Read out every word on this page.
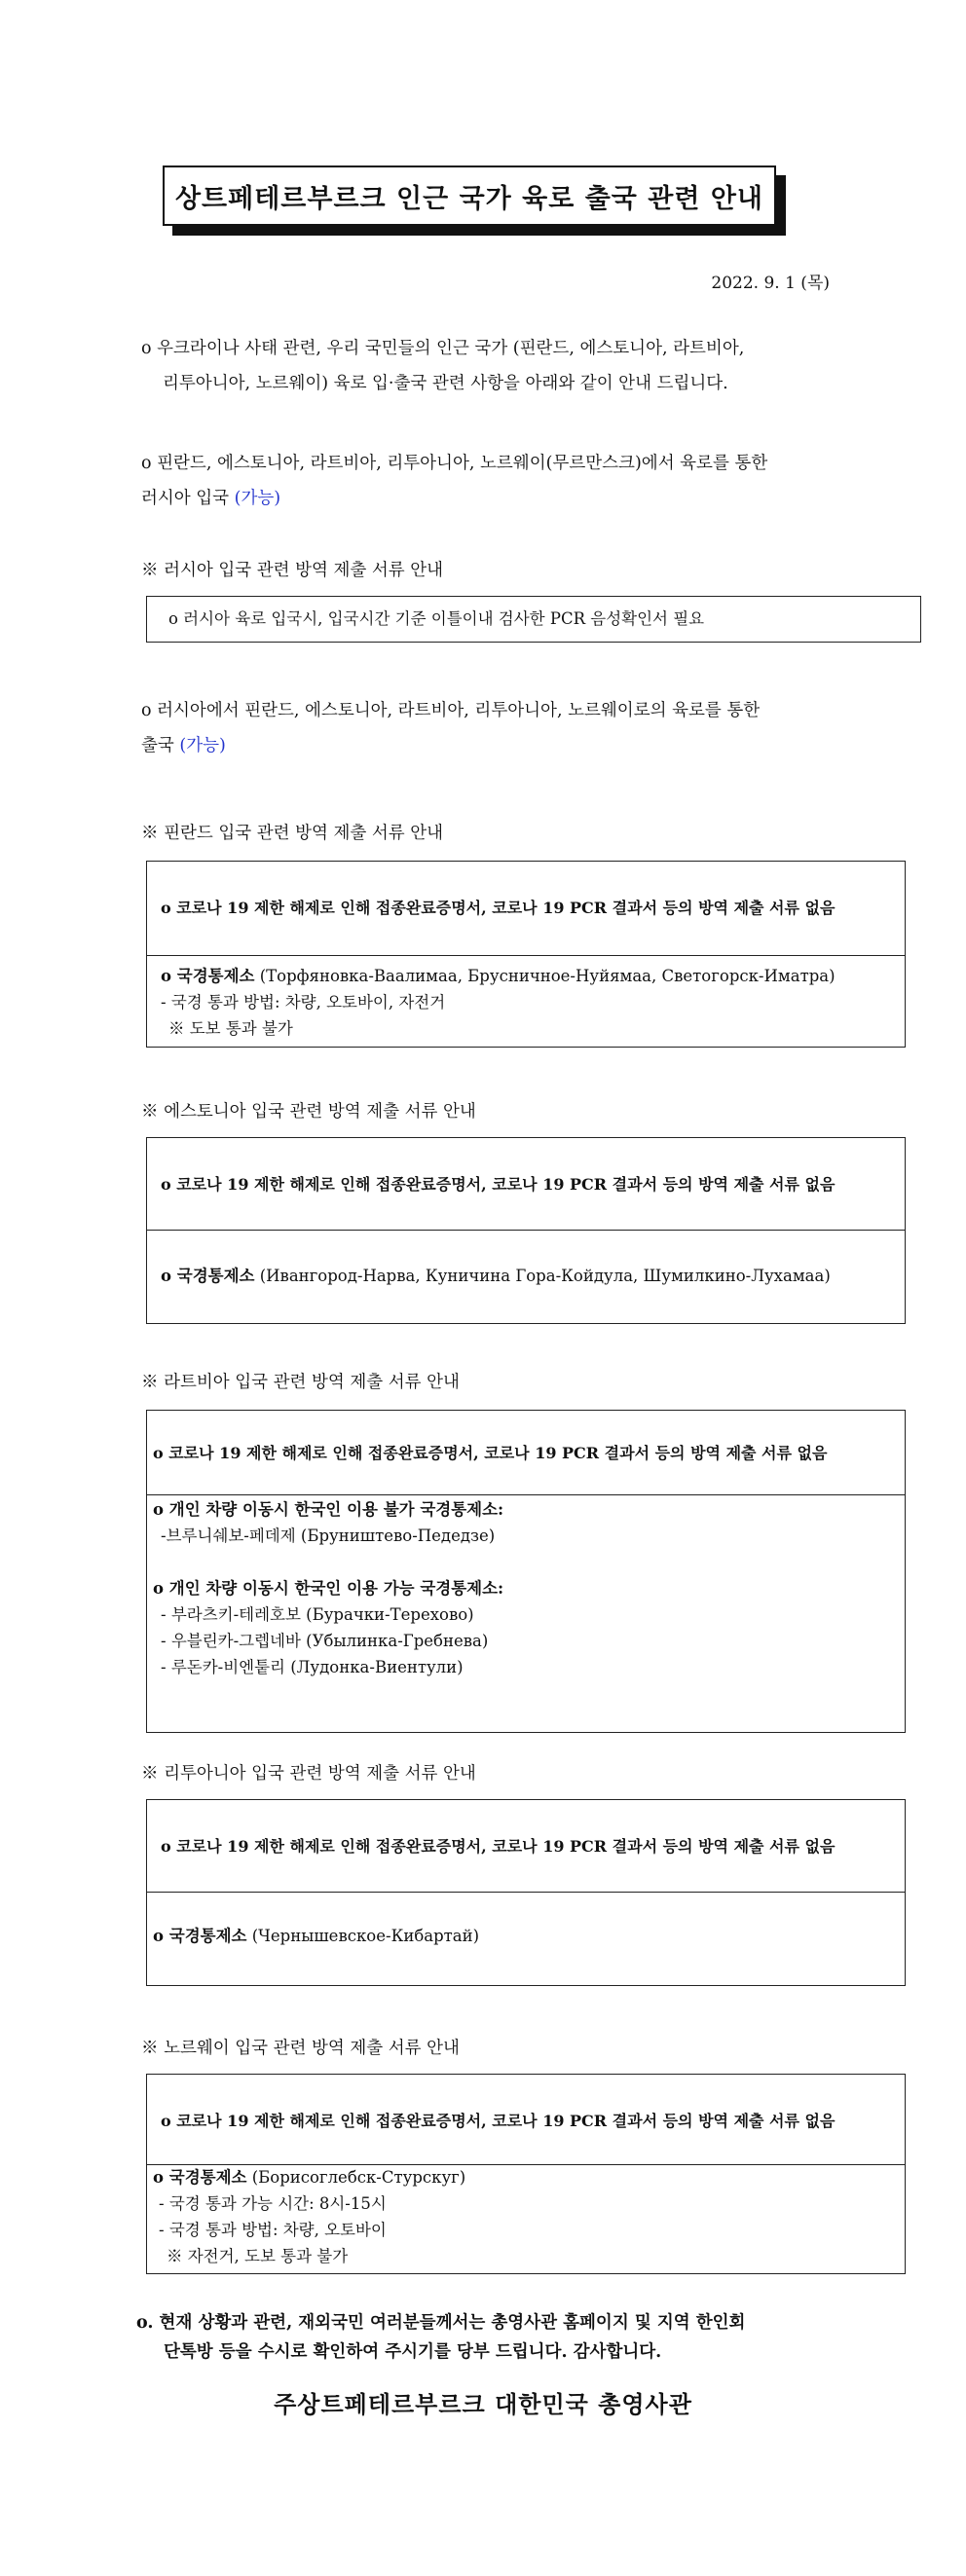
상트페테르부르크 인근 국가 육로 출국 관련 안내
2022. 9. 1 (목)
o 우크라이나 사태 관련, 우리 국민들의 인근 국가 (핀란드, 에스토니아, 라트비아,
리투아니아, 노르웨이) 육로 입·출국 관련 사항을 아래와 같이 안내 드립니다.
o 핀란드, 에스토니아, 라트비아, 리투아니아, 노르웨이(무르만스크)에서 육로를 통한
러시아 입국 (가능)
※ 러시아 입국 관련 방역 제출 서류 안내
o 러시아 육로 입국시, 입국시간 기준 이틀이내 검사한 PCR 음성확인서 필요
o 러시아에서 핀란드, 에스토니아, 라트비아, 리투아니아, 노르웨이로의 육로를 통한
출국 (가능)
※ 핀란드 입국 관련 방역 제출 서류 안내
o 코로나 19 제한 해제로 인해 접종완료증명서, 코로나 19 PCR 결과서 등의 방역 제출 서류 없음
o 국경통제소 (Торфяновка-Ваалимаа, Брусничное-Нуйямаа, Светогорск-Иматра)
- 국경 통과 방법: 차량, 오토바이, 자전거
※ 도보 통과 불가
※ 에스토니아 입국 관련 방역 제출 서류 안내
o 코로나 19 제한 해제로 인해 접종완료증명서, 코로나 19 PCR 결과서 등의 방역 제출 서류 없음
o 국경통제소 (Ивангород-Нарва, Куничина Гора-Койдула, Шумилкино-Лухамаа)
※ 라트비아 입국 관련 방역 제출 서류 안내
o 코로나 19 제한 해제로 인해 접종완료증명서, 코로나 19 PCR 결과서 등의 방역 제출 서류 없음
o 개인 차량 이동시 한국인 이용 불가 국경통제소:
-브루니쉐보-페데제 (Бруништево-Педедзе)

o 개인 차량 이동시 한국인 이용 가능 국경통제소:
- 부라츠키-테레호보 (Бурачки-Терехово)
- 우블린카-그렙네바 (Убылинка-Гребнева)
- 루돈카-비엔퉅리 (Лудонка-Виентули)
※ 리투아니아 입국 관련 방역 제출 서류 안내
o 코로나 19 제한 해제로 인해 접종완료증명서, 코로나 19 PCR 결과서 등의 방역 제출 서류 없음
o 국경통제소 (Чернышевское-Кибартай)
※ 노르웨이 입국 관련 방역 제출 서류 안내
o 코로나 19 제한 해제로 인해 접종완료증명서, 코로나 19 PCR 결과서 등의 방역 제출 서류 없음
o 국경통제소 (Борисоглебск-Стурскуг)
- 국경 통과 가능 시간: 8시-15시
- 국경 통과 방법: 차량, 오토바이
※ 자전거, 도보 통과 불가
o. 현재 상황과 관련, 재외국민 여러분들께서는 총영사관 홈페이지 및 지역 한인회
단톡방 등을 수시로 확인하여 주시기를 당부 드립니다. 감사합니다.
주상트페테르부르크 대한민국 총영사관
